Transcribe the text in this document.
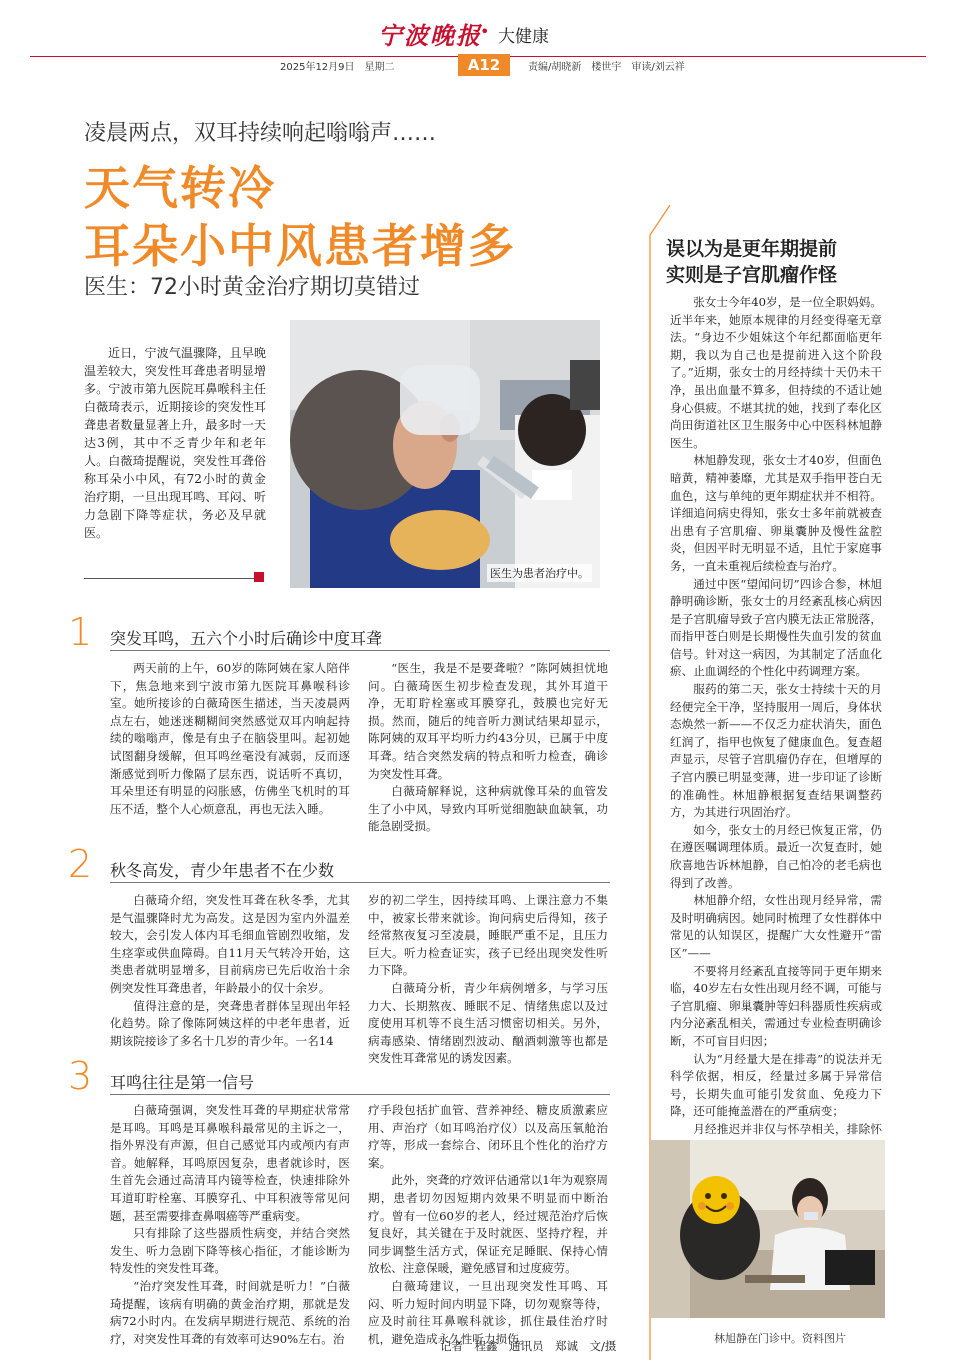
宁波晚报
• 大健康
2025年12月9日　星期二	A12	责编/胡晓新　楼世宇　审读/刘云祥
凌晨两点，双耳持续响起嗡嗡声……
天气转冷
耳朵小中风患者增多
医生：72小时黄金治疗期切莫错过

近日，宁波气温骤降，且早晚温差较大，突发性耳聋患者明显增多。宁波市第九医院耳鼻喉科主任白薇琦表示，近期接诊的突发性耳聋患者数量显著上升，最多时一天达3例，其中不乏青少年和老年人。白薇琦提醒说，突发性耳聋俗称耳朵小中风，有72小时的黄金治疗期，一旦出现耳鸣、耳闷、听力急剧下降等症状，务必及早就医。

医生为患者治疗中。
1 突发耳鸣，五六个小时后确诊中度耳聋

两天前的上午，60岁的陈阿姨在家人陪伴下，焦急地来到宁波市第九医院耳鼻喉科诊室。她所接诊的白薇琦医生描述，当天凌晨两点左右，她迷迷糊糊间突然感觉双耳内响起持续的嗡嗡声，像是有虫子在脑袋里叫。起初她试图翻身缓解，但耳鸣丝毫没有减弱，反而逐渐感觉到听力像隔了层东西，说话听不真切，耳朵里还有明显的闷胀感，仿佛坐飞机时的耳压不适，整个人心烦意乱，再也无法入睡。

“医生，我是不是要聋啦？”陈阿姨担忧地问。白薇琦医生初步检查发现，其外耳道干净，无耵聍栓塞或耳膜穿孔，鼓膜也完好无损。然而，随后的纯音听力测试结果却显示，陈阿姨的双耳平均听力约43分贝，已属于中度耳聋。结合突然发病的特点和听力检查，确诊为突发性耳聋。

白薇琦解释说，这种病就像耳朵的血管发生了小中风，导致内耳听觉细胞缺血缺氧，功能急剧受损。

2 秋冬高发，青少年患者不在少数

白薇琦介绍，突发性耳聋在秋冬季，尤其是气温骤降时尤为高发。这是因为室内外温差较大，会引发人体内耳毛细血管剧烈收缩，发生痉挛或供血障碍。自11月天气转冷开始，这类患者就明显增多，目前病房已先后收治十余例突发性耳聋患者，年龄最小的仅十余岁。

值得注意的是，突聋患者群体呈现出年轻化趋势。除了像陈阿姨这样的中老年患者，近期该院接诊了多名十几岁的青少年。一名14

岁的初二学生，因持续耳鸣、上课注意力不集中，被家长带来就诊。询问病史后得知，孩子经常熬夜复习至凌晨，睡眠严重不足，且压力巨大。听力检查证实，孩子已经出现突发性听力下降。

白薇琦分析，青少年病例增多，与学习压力大、长期熬夜、睡眠不足、情绪焦虑以及过度使用耳机等不良生活习惯密切相关。另外，病毒感染、情绪剧烈波动、酗酒刺激等也都是突发性耳聋常见的诱发因素。

3 耳鸣往往是第一信号

白薇琦强调，突发性耳聋的早期症状常常是耳鸣。耳鸣是耳鼻喉科最常见的主诉之一，指外界没有声源，但自己感觉耳内或颅内有声音。她解释，耳鸣原因复杂，患者就诊时，医生首先会通过高清耳内镜等检查，快速排除外耳道耵聍栓塞、耳膜穿孔、中耳积液等常见问题，甚至需要排查鼻咽癌等严重病变。

只有排除了这些器质性病变，并结合突然发生、听力急剧下降等核心指征，才能诊断为特发性的突发性耳聋。

“治疗突发性耳聋，时间就是听力！”白薇琦提醒，该病有明确的黄金治疗期，那就是发病72小时内。在发病早期进行规范、系统的治疗，对突发性耳聋的有效率可达90%左右。治

疗手段包括扩血管、营养神经、糖皮质激素应用、声治疗（如耳鸣治疗仪）以及高压氧舱治疗等，形成一套综合、闭环且个性化的治疗方案。

此外，突聋的疗效评估通常以1年为观察周期，患者切勿因短期内效果不明显而中断治疗。曾有一位60岁的老人，经过规范治疗后恢复良好，其关键在于及时就医、坚持疗程，并同步调整生活方式，保证充足睡眠、保持心情放松、注意保暖，避免感冒和过度疲劳。

白薇琦建议，一旦出现突发性耳鸣、耳闷、听力短时间内明显下降，切勿观察等待，应及时前往耳鼻喉科就诊，抓住最佳治疗时机，避免造成永久性听力损伤。

记者　程鑫　通讯员　郑诚　文/摄
误以为是更年期提前
实则是子宫肌瘤作怪

张女士今年40岁，是一位全职妈妈。近半年来，她原本规律的月经变得毫无章法。“身边不少姐妹这个年纪都面临更年期，我以为自己也是提前进入这个阶段了。”近期，张女士的月经持续十天仍未干净，虽出血量不算多，但持续的不适让她身心俱疲。不堪其扰的她，找到了奉化区尚田街道社区卫生服务中心中医科林旭静医生。

林旭静发现，张女士才40岁，但面色暗黄，精神萎靡，尤其是双手指甲苍白无血色，这与单纯的更年期症状并不相符。详细追问病史得知，张女士多年前就被查出患有子宫肌瘤、卵巢囊肿及慢性盆腔炎，但因平时无明显不适，且忙于家庭事务，一直未重视后续检查与治疗。

通过中医“望闻问切”四诊合参，林旭静明确诊断，张女士的月经紊乱核心病因是子宫肌瘤导致子宫内膜无法正常脱落，而指甲苍白则是长期慢性失血引发的贫血信号。针对这一病因，为其制定了活血化瘀、止血调经的个性化中药调理方案。

服药的第二天，张女士持续十天的月经便完全干净，坚持服用一周后，身体状态焕然一新——不仅乏力症状消失，面色红润了，指甲也恢复了健康血色。复查超声显示，尽管子宫肌瘤仍存在，但增厚的子宫内膜已明显变薄，进一步印证了诊断的准确性。林旭静根据复查结果调整药方，为其进行巩固治疗。

如今，张女士的月经已恢复正常，仍在遵医嘱调理体质。最近一次复查时，她欣喜地告诉林旭静，自己怕冷的老毛病也得到了改善。

林旭静介绍，女性出现月经异常，需及时明确病因。她同时梳理了女性群体中常见的认知误区，提醒广大女性避开“雷区”——

不要将月经紊乱直接等同于更年期来临，40岁左右女性出现月经不调，可能与子宫肌瘤、卵巢囊肿等妇科器质性疾病或内分泌紊乱相关，需通过专业检查明确诊断，不可盲目归因；

认为“月经量大是在排毒”的说法并无科学依据，相反，经量过多属于异常信号，长期失血可能引发贫血、免疫力下降，还可能掩盖潜在的严重病变；

月经推迟并非仅与怀孕相关，排除怀

林旭静在门诊中。资料图片
